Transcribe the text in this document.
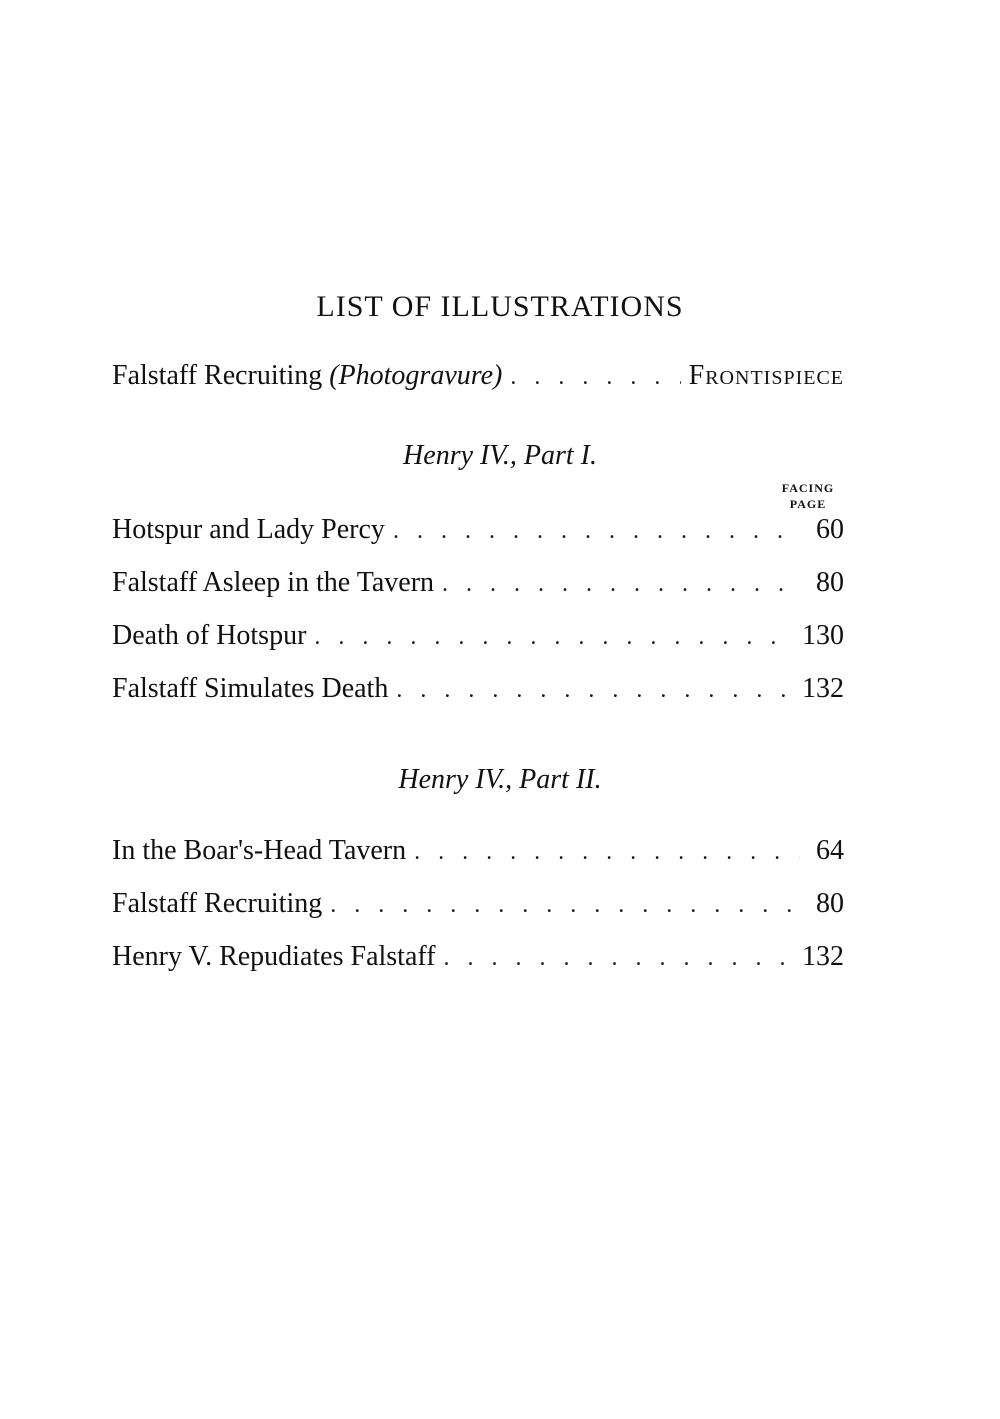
LIST OF ILLUSTRATIONS
Falstaff Recruiting (Photogravure) . . .	Frontispiece
Henry IV., Part I.
FACING
PAGE
Hotspur and Lady Percy . . .	60
Falstaff Asleep in the Tavern . . .	80
Death of Hotspur . . .	130
Falstaff Simulates Death . . .	132
Henry IV., Part II.
In the Boar's-Head Tavern . . .	64
Falstaff Recruiting . . .	80
Henry V. Repudiates Falstaff . . .	132
